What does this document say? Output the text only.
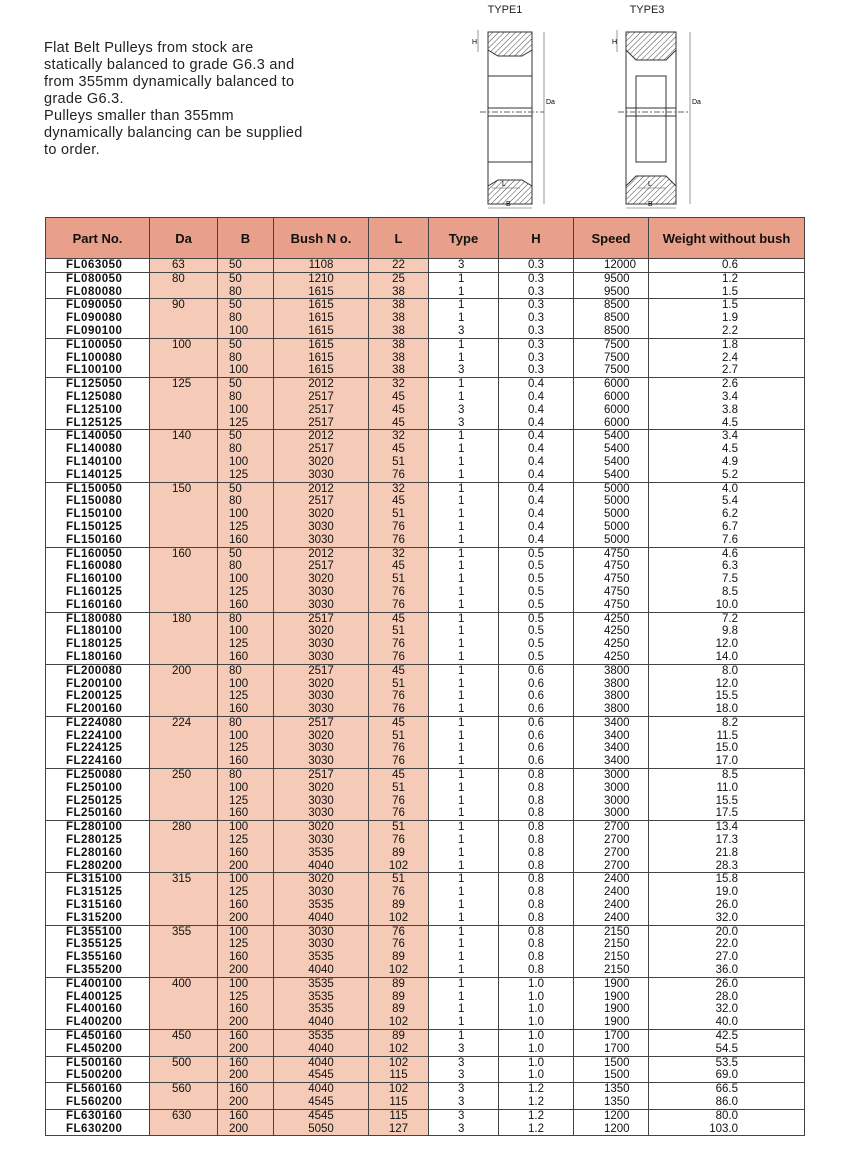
Flat Belt Pulleys from stock are statically balanced to grade G6.3 and from 355mm dynamically balanced to grade G6.3.

Pulleys smaller than 355mm dynamically balancing can be supplied to order.

TYPE1
H
Da
L
B
TYPE3
H
Da
L
B
Part No.	Da	B	Bush N o.	L	Type	H	Speed	Weight without bush
FL063050	63	50	1108	22	3	0.3	12000	0.6
FL080050	80	50	1210	25	1	0.3	9500	1.2
FL080080		80	1615	38	1	0.3	9500	1.5
FL090050	90	50	1615	38	1	0.3	8500	1.5
FL090080		80	1615	38	1	0.3	8500	1.9
FL090100		100	1615	38	3	0.3	8500	2.2
FL100050	100	50	1615	38	1	0.3	7500	1.8
FL100080		80	1615	38	1	0.3	7500	2.4
FL100100		100	1615	38	3	0.3	7500	2.7
FL125050	125	50	2012	32	1	0.4	6000	2.6
FL125080		80	2517	45	1	0.4	6000	3.4
FL125100		100	2517	45	3	0.4	6000	3.8
FL125125		125	2517	45	3	0.4	6000	4.5
FL140050	140	50	2012	32	1	0.4	5400	3.4
FL140080		80	2517	45	1	0.4	5400	4.5
FL140100		100	3020	51	1	0.4	5400	4.9
FL140125		125	3030	76	1	0.4	5400	5.2
FL150050	150	50	2012	32	1	0.4	5000	4.0
FL150080		80	2517	45	1	0.4	5000	5.4
FL150100		100	3020	51	1	0.4	5000	6.2
FL150125		125	3030	76	1	0.4	5000	6.7
FL150160		160	3030	76	1	0.4	5000	7.6
FL160050	160	50	2012	32	1	0.5	4750	4.6
FL160080		80	2517	45	1	0.5	4750	6.3
FL160100		100	3020	51	1	0.5	4750	7.5
FL160125		125	3030	76	1	0.5	4750	8.5
FL160160		160	3030	76	1	0.5	4750	10.0
FL180080	180	80	2517	45	1	0.5	4250	7.2
FL180100		100	3020	51	1	0.5	4250	9.8
FL180125		125	3030	76	1	0.5	4250	12.0
FL180160		160	3030	76	1	0.5	4250	14.0
FL200080	200	80	2517	45	1	0.6	3800	8.0
FL200100		100	3020	51	1	0.6	3800	12.0
FL200125		125	3030	76	1	0.6	3800	15.5
FL200160		160	3030	76	1	0.6	3800	18.0
FL224080	224	80	2517	45	1	0.6	3400	8.2
FL224100		100	3020	51	1	0.6	3400	11.5
FL224125		125	3030	76	1	0.6	3400	15.0
FL224160		160	3030	76	1	0.6	3400	17.0
FL250080	250	80	2517	45	1	0.8	3000	8.5
FL250100		100	3020	51	1	0.8	3000	11.0
FL250125		125	3030	76	1	0.8	3000	15.5
FL250160		160	3030	76	1	0.8	3000	17.5
FL280100	280	100	3020	51	1	0.8	2700	13.4
FL280125		125	3030	76	1	0.8	2700	17.3
FL280160		160	3535	89	1	0.8	2700	21.8
FL280200		200	4040	102	1	0.8	2700	28.3
FL315100	315	100	3020	51	1	0.8	2400	15.8
FL315125		125	3030	76	1	0.8	2400	19.0
FL315160		160	3535	89	1	0.8	2400	26.0
FL315200		200	4040	102	1	0.8	2400	32.0
FL355100	355	100	3030	76	1	0.8	2150	20.0
FL355125		125	3030	76	1	0.8	2150	22.0
FL355160		160	3535	89	1	0.8	2150	27.0
FL355200		200	4040	102	1	0.8	2150	36.0
FL400100	400	100	3535	89	1	1.0	1900	26.0
FL400125		125	3535	89	1	1.0	1900	28.0
FL400160		160	3535	89	1	1.0	1900	32.0
FL400200		200	4040	102	1	1.0	1900	40.0
FL450160	450	160	3535	89	1	1.0	1700	42.5
FL450200		200	4040	102	3	1.0	1700	54.5
FL500160	500	160	4040	102	3	1.0	1500	53.5
FL500200		200	4545	115	3	1.0	1500	69.0
FL560160	560	160	4040	102	3	1.2	1350	66.5
FL560200		200	4545	115	3	1.2	1350	86.0
FL630160	630	160	4545	115	3	1.2	1200	80.0
FL630200		200	5050	127	3	1.2	1200	103.0
